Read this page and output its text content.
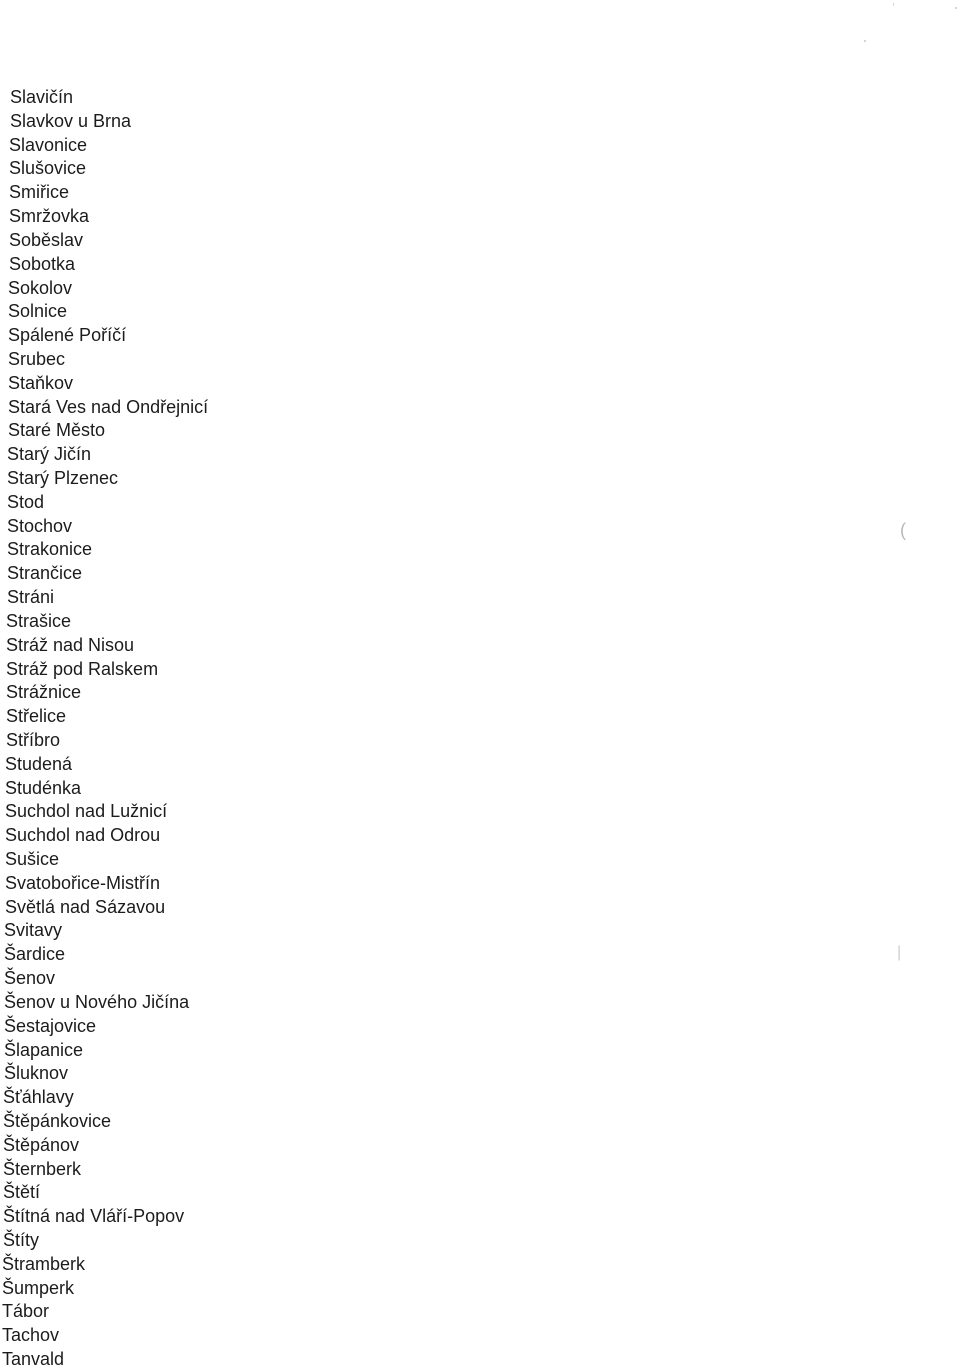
Slavičín
Slavkov u Brna
Slavonice
Slušovice
Smiřice
Smržovka
Soběslav
Sobotka
Sokolov
Solnice
Spálené Poříčí
Srubec
Staňkov
Stará Ves nad Ondřejnicí
Staré Město
Starý Jičín
Starý Plzenec
Stod
Stochov
Strakonice
Strančice
Stráni
Strašice
Stráž nad Nisou
Stráž pod Ralskem
Strážnice
Střelice
Stříbro
Studená
Studénka
Suchdol nad Lužnicí
Suchdol nad Odrou
Sušice
Svatobořice-Mistřín
Světlá nad Sázavou
Svitavy
Šardice
Šenov
Šenov u Nového Jičína
Šestajovice
Šlapanice
Šluknov
Šťáhlavy
Štěpánkovice
Štěpánov
Šternberk
Štětí
Štítná nad Vláří-Popov
Štíty
Štramberk
Šumperk
Tábor
Tachov
Tanvald
(
|
